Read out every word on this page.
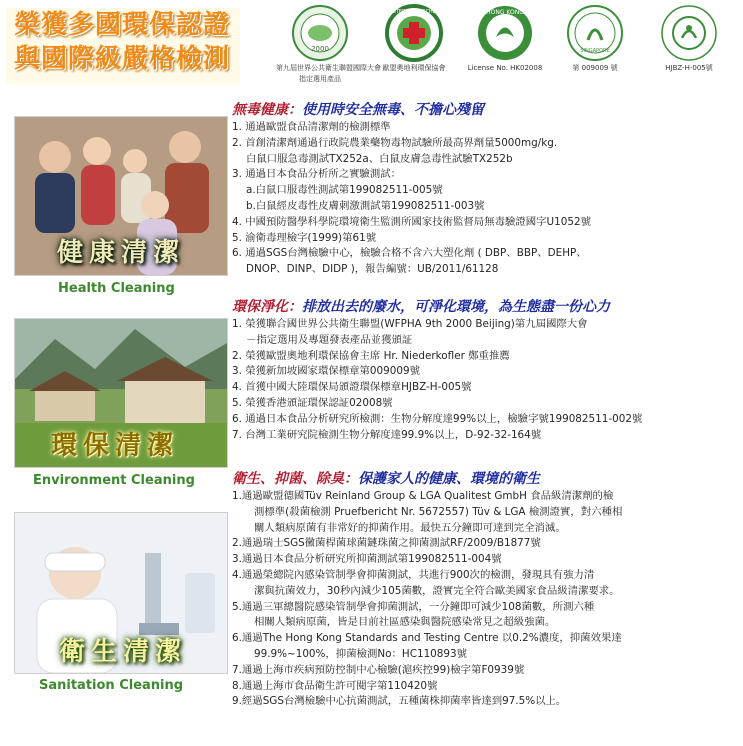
榮獲多國環保認證
與國際級嚴格檢測	2000
第九屆世界公共衛生聯盟國際大會
指定選用產品
ÖSTERREICHISCHER
歐盟奧地利環保協會
HONG KONG
License No. HK02008
SINGAPORE
第 009009 號	HJBZ-H-005號
健康清潔
Health Cleaning
環保清潔
Environment Cleaning
衛生清潔
Sanitation Cleaning
無毒健康：使用時安全無毒、不擔心殘留
1. 通過歐盟食品清潔劑的檢測標準
2. 首創清潔劑通過行政院農業藥物毒物試驗所最高界劑量5000mg/kg.
白鼠口服急毒測試TX252a、白鼠皮膚急毒性試驗TX252b
3. 通過日本食品分析所之實驗測試：
a.白鼠口服毒性測試第199082511-005號
b.白鼠經皮毒性皮膚刺激測試第199082511-003號
4. 中國預防醫學科學院環境衛生監測所國家技術監督局無毒驗證國字U1052號
5. 渝衛毒理檢字(1999)第61號
6. 通過SGS台灣檢驗中心，檢驗合格不含六大塑化劑 ( DBP、BBP、DEHP、
DNOP、DINP、DIDP )，報告編號：UB/2011/61128
環保淨化：排放出去的廢水，可淨化環境，為生態盡一份心力
1. 榮獲聯合國世界公共衛生聯盟(WFPHA 9th 2000 Beijing)第九屆國際大會
－指定選用及專題發表產品並獲頒証
2. 榮獲歐盟奧地利環保協會主席 Hr. Niederkofler 鄭重推薦
3. 榮獲新加坡國家環保標章第009009號
4. 首獲中國大陸環保局頒證環保標章HJBZ-H-005號
5. 榮獲香港頒証環保認証02008號
6. 通過日本食品分析研究所檢測：生物分解度達99%以上，檢驗字號199082511-002號
7. 台灣工業研究院檢測生物分解度達99.9%以上，D-92-32-164號
衛生、抑菌、除臭：保護家人的健康、環境的衛生
1.通過歐盟德國Tüv Reinland Group & LGA Qualitest GmbH 食品級清潔劑的檢
測標準(殺菌檢測 Pruefbericht Nr. 5672557) Tüv & LGA 檢測證實，對六種相
關人類病原菌有非常好的抑菌作用。最快五分鐘即可達到完全消滅。
2.通過瑞士SGS黴菌桿菌球菌鏈珠菌之抑菌測試RF/2009/B1877號
3.通過日本食品分析研究所抑菌測試第199082511-004號
4.通過榮總院內感染管制學會抑菌測試，共進行900次的檢測，發現具有強力清
潔與抗菌效力，30秒內減少105菌數，證實完全符合歐美國家食品級清潔要求。
5.通過三軍總醫院感染管制學會抑菌測試，一分鐘即可減少108菌數，所測六種
相關人類病原菌，皆是目前社區感染與醫院感染常見之超級強菌。
6.通過The Hong Kong Standards and Testing Centre 以0.2%濃度，抑菌效果達
99.9%~100%，抑菌檢測No：HC110893號
7.通過上海市疾病預防控制中心檢驗(滬疾控99)檢字第F0939號
8.通過上海市食品衛生許可閱字第110420號
9.經過SGS台灣檢驗中心抗菌測試，五種菌株抑菌率皆達到97.5%以上。
